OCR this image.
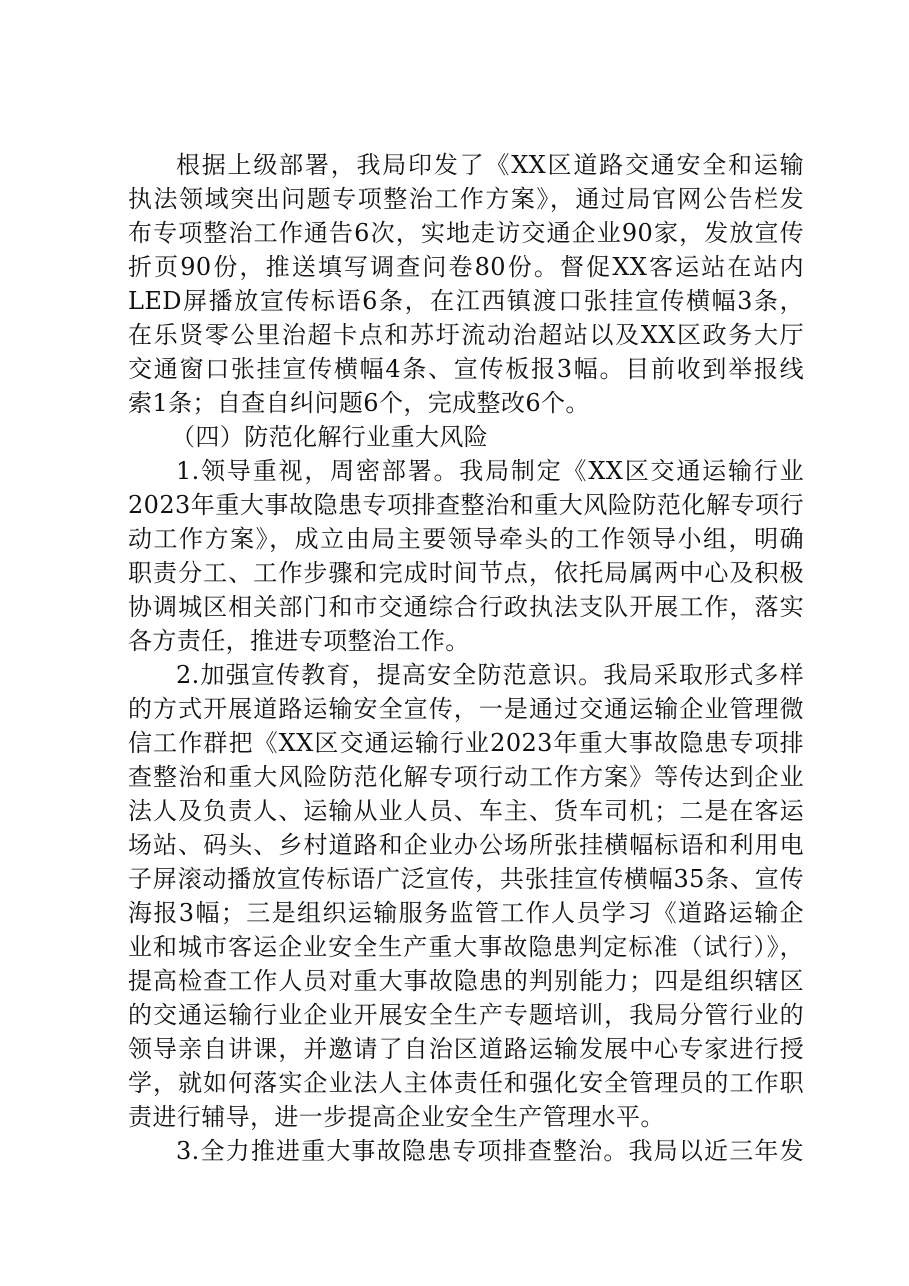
根据上级部署，我局印发了《XX区道路交通安全和运输
执法领域突出问题专项整治工作方案》，通过局官网公告栏发
布专项整治工作通告6次，实地走访交通企业90家，发放宣传
折页90份，推送填写调查问卷80份。督促XX客运站在站内
LED屏播放宣传标语6条，在江西镇渡口张挂宣传横幅3条，
在乐贤零公里治超卡点和苏圩流动治超站以及XX区政务大厅
交通窗口张挂宣传横幅4条、宣传板报3幅。目前收到举报线
索1条；自查自纠问题6个，完成整改6个。
（四）防范化解行业重大风险
1.领导重视，周密部署。我局制定《XX区交通运输行业
2023年重大事故隐患专项排查整治和重大风险防范化解专项行
动工作方案》，成立由局主要领导牵头的工作领导小组，明确
职责分工、工作步骤和完成时间节点，依托局属两中心及积极
协调城区相关部门和市交通综合行政执法支队开展工作，落实
各方责任，推进专项整治工作。
2.加强宣传教育，提高安全防范意识。我局采取形式多样
的方式开展道路运输安全宣传，一是通过交通运输企业管理微
信工作群把《XX区交通运输行业2023年重大事故隐患专项排
查整治和重大风险防范化解专项行动工作方案》等传达到企业
法人及负责人、运输从业人员、车主、货车司机；二是在客运
场站、码头、乡村道路和企业办公场所张挂横幅标语和利用电
子屏滚动播放宣传标语广泛宣传，共张挂宣传横幅35条、宣传
海报3幅；三是组织运输服务监管工作人员学习《道路运输企
业和城市客运企业安全生产重大事故隐患判定标准（试行）》，
提高检查工作人员对重大事故隐患的判别能力；四是组织辖区
的交通运输行业企业开展安全生产专题培训，我局分管行业的
领导亲自讲课，并邀请了自治区道路运输发展中心专家进行授
学，就如何落实企业法人主体责任和强化安全管理员的工作职
责进行辅导，进一步提高企业安全生产管理水平。
3.全力推进重大事故隐患专项排查整治。我局以近三年发
